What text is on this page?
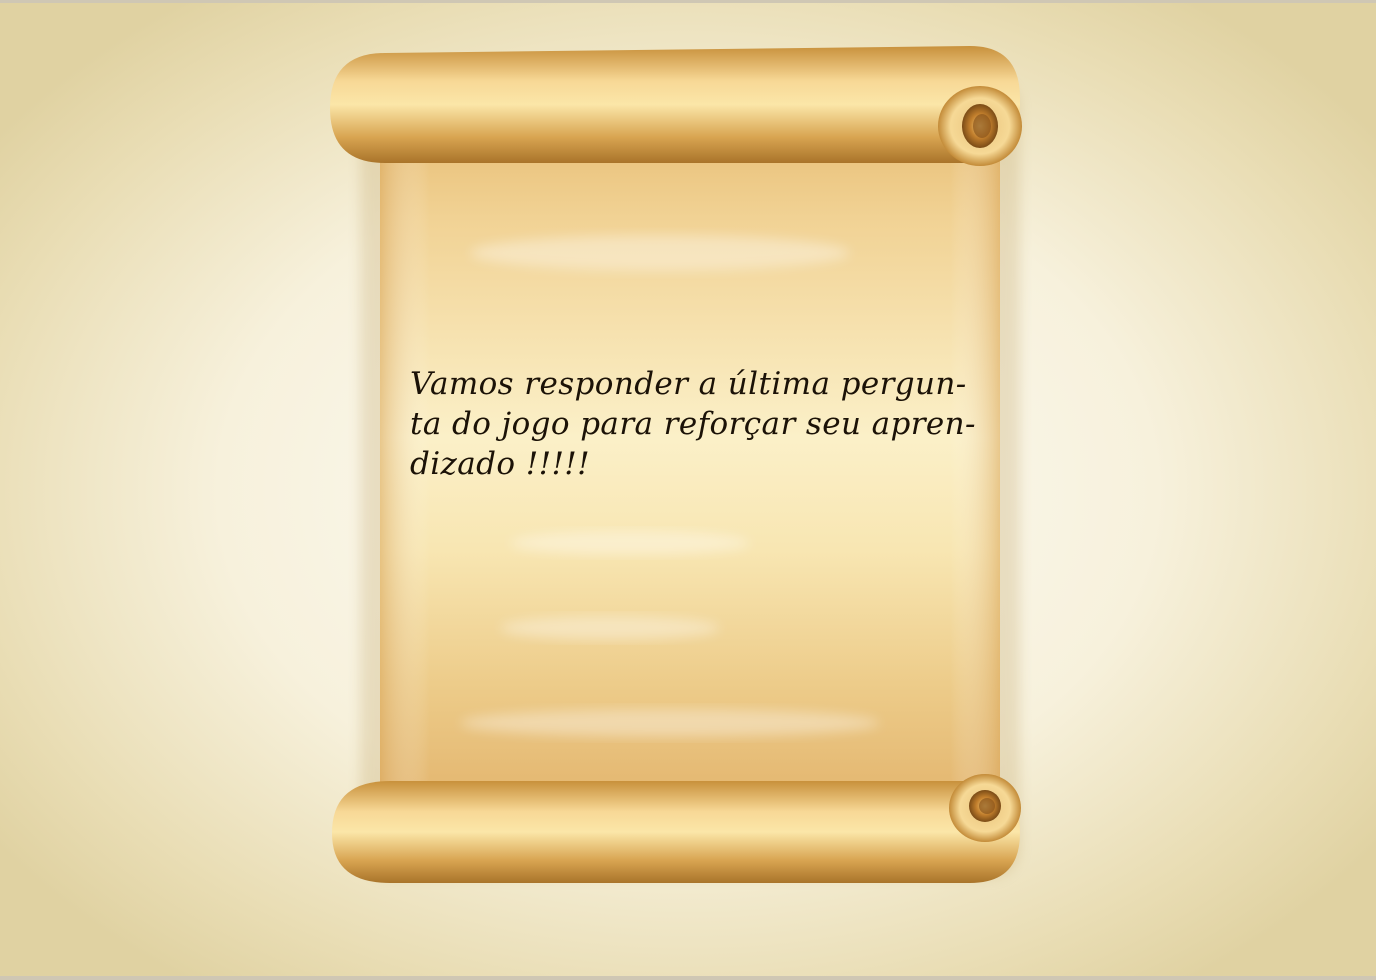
Vamos responder a última pergun-
ta do jogo para reforçar seu apren-
dizado !!!!!
